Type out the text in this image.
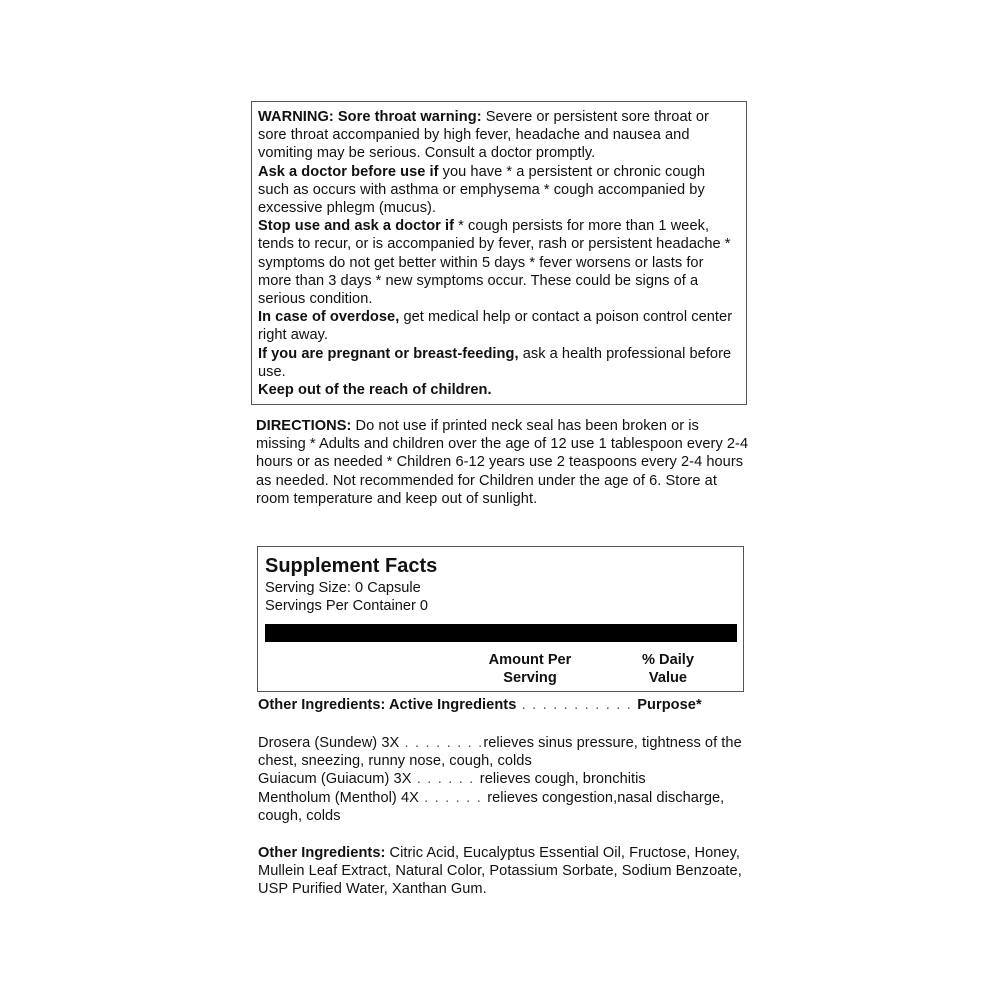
WARNING: Sore throat warning: Severe or persistent sore throat or sore throat accompanied by high fever, headache and nausea and vomiting may be serious. Consult a doctor promptly.

Ask a doctor before use if you have * a persistent or chronic cough such as occurs with asthma or emphysema * cough accompanied by excessive phlegm (mucus).

Stop use and ask a doctor if * cough persists for more than 1 week, tends to recur, or is accompanied by fever, rash or persistent headache * symptoms do not get better within 5 days * fever worsens or lasts for more than 3 days * new symptoms occur. These could be signs of a serious condition.

In case of overdose, get medical help or contact a poison control center right away.

If you are pregnant or breast-feeding, ask a health professional before use.

Keep out of the reach of children.

DIRECTIONS: Do not use if printed neck seal has been broken or is missing * Adults and children over the age of 12 use 1 tablespoon every 2-4 hours or as needed * Children 6-12 years use 2 teaspoons every 2-4 hours as needed. Not recommended for Children under the age of 6. Store at room temperature and keep out of sunlight.

Supplement Facts
Serving Size: 0 Capsule
Servings Per Container 0
Amount Per
Serving
% Daily
Value
Other Ingredients: Active Ingredients . . . . . . . . . . . Purpose*
Drosera (Sundew) 3X . . . . . . . .relieves sinus pressure, tightness of the chest, sneezing, runny nose, cough, colds
Guiacum (Guiacum) 3X . . . . . . relieves cough, bronchitis
Mentholum (Menthol) 4X . . . . . . relieves congestion,nasal discharge, cough, colds

Other Ingredients: Citric Acid, Eucalyptus Essential Oil, Fructose, Honey, Mullein Leaf Extract, Natural Color, Potassium Sorbate, Sodium Benzoate, USP Purified Water, Xanthan Gum.
